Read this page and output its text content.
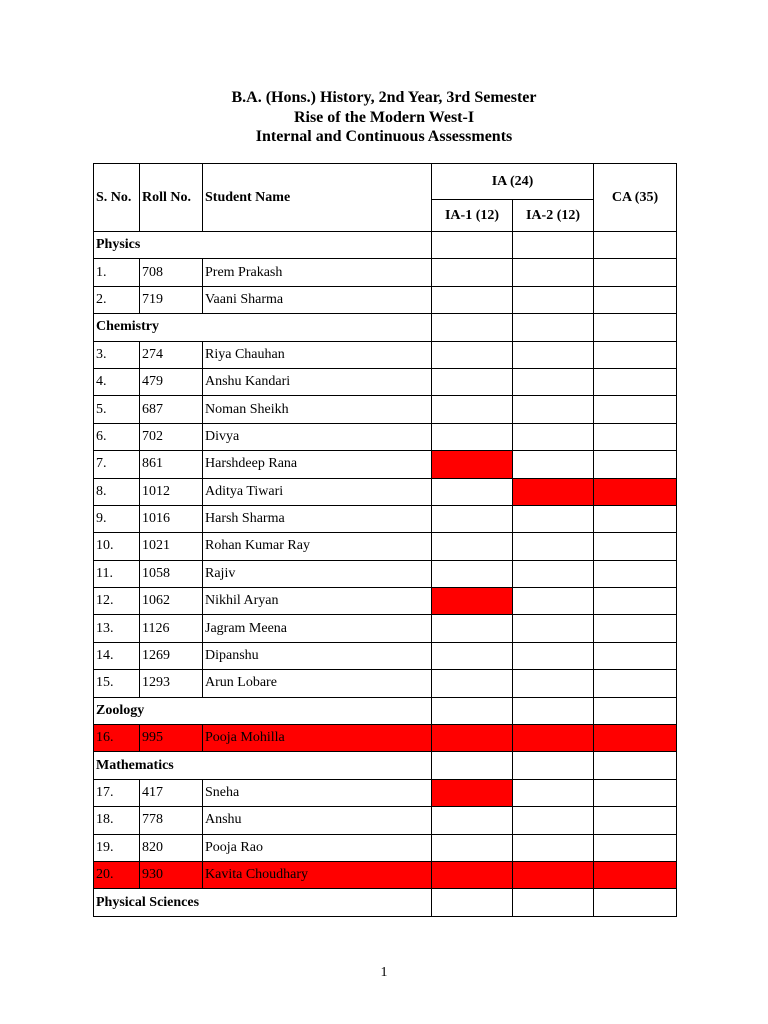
B.A. (Hons.) History, 2nd Year, 3rd Semester
Rise of the Modern West-I
Internal and Continuous Assessments
S. No.	Roll No.	Student Name	IA (24)		CA (35)
			IA-1 (12)	IA-2 (12)	
Physics					
1.	708	Prem Prakash			
2.	719	Vaani Sharma			
Chemistry					
3.	274	Riya Chauhan			
4.	479	Anshu Kandari			
5.	687	Noman Sheikh			
6.	702	Divya			
7.	861	Harshdeep Rana			
8.	1012	Aditya Tiwari			
9.	1016	Harsh Sharma			
10.	1021	Rohan Kumar Ray			
11.	1058	Rajiv			
12.	1062	Nikhil Aryan			
13.	1126	Jagram Meena			
14.	1269	Dipanshu			
15.	1293	Arun Lobare			
Zoology					
16.	995	Pooja Mohilla			
Mathematics					
17.	417	Sneha			
18.	778	Anshu			
19.	820	Pooja Rao			
20.	930	Kavita Choudhary			
Physical Sciences					
1
